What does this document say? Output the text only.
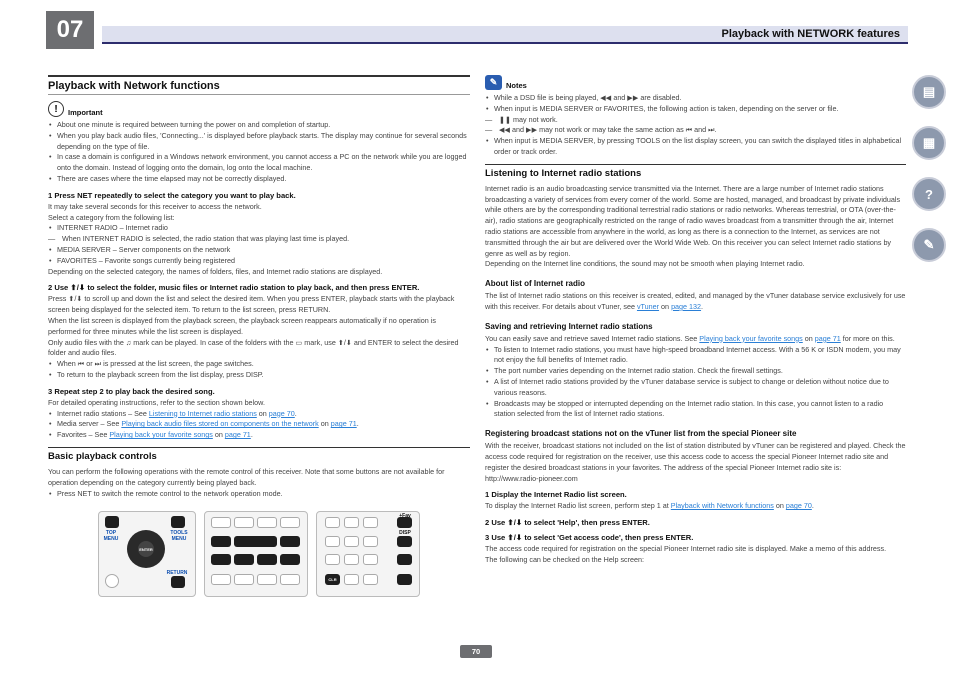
07	Playback with NETWORK features
▤
▦
?
✎
Playback with Network functions
!	Important
• About one minute is required between turning the power on and completion of startup.
• When you play back audio files, 'Connecting...' is displayed before playback starts. The display may continue for several seconds depending on the type of file.
• In case a domain is configured in a Windows network environment, you cannot access a PC on the network while you are logged onto the domain. Instead of logging onto the domain, log onto the local machine.
• There are cases where the time elapsed may not be correctly displayed.
1 Press NET repeatedly to select the category you want to play back.

It may take several seconds for this receiver to access the network.

Select a category from the following list:

• INTERNET RADIO – Internet radio
— When INTERNET RADIO is selected, the radio station that was playing last time is played.
• MEDIA SERVER – Server components on the network
• FAVORITES – Favorite songs currently being registered

Depending on the selected category, the names of folders, files, and Internet radio stations are displayed.

2 Use ⬆/⬇ to select the folder, music files or Internet radio station to play back, and then press ENTER.

Press ⬆/⬇ to scroll up and down the list and select the desired item. When you press ENTER, playback starts with the playback screen being displayed for the selected item. To return to the list screen, press RETURN.

When the list screen is displayed from the playback screen, the playback screen reappears automatically if no operation is performed for three minutes while the list screen is displayed.

Only audio files with the ♫ mark can be played. In case of the folders with the ▭ mark, use ⬆/⬇ and ENTER to select the desired folder and audio files.

• When ⏮ or ⏭ is pressed at the list screen, the page switches.
• To return to the playback screen from the list display, press DISP.
3 Repeat step 2 to play back the desired song.

For detailed operating instructions, refer to the section shown below.

• Internet radio stations – See Listening to Internet radio stations on page 70.
• Media server – See Playing back audio files stored on components on the network on page 71.
• Favorites – See Playing back your favorite songs on page 71.
Basic playback controls

You can perform the following operations with the remote control of this receiver. Note that some buttons are not available for operation depending on the category currently being played back.

• Press NET to switch the remote control to the network operation mode.
TOP MENU
TOOLS MENU
ENTER
RETURN
+Fav
DISP
CLR
✎	Notes
• While a DSD file is being played, ◀◀ and ▶▶ are disabled.
• When input is MEDIA SERVER or FAVORITES, the following action is taken, depending on the server or file.
— ❚❚ may not work.
— ◀◀ and ▶▶ may not work or may take the same action as ⏮ and ⏭.
• When input is MEDIA SERVER, by pressing TOOLS on the list display screen, you can switch the displayed titles in alphabetical order or track order.
Listening to Internet radio stations

Internet radio is an audio broadcasting service transmitted via the Internet. There are a large number of Internet radio stations broadcasting a variety of services from every corner of the world. Some are hosted, managed, and broadcast by private individuals while others are by the corresponding traditional terrestrial radio stations or radio networks. Whereas terrestrial, or OTA (over-the-air), radio stations are geographically restricted on the range of radio waves broadcast from a transmitter through the air, Internet radio stations are accessible from anywhere in the world, as long as there is a connection to the Internet, as services are not transmitted through the air but are delivered over the World Wide Web. On this receiver you can select Internet radio stations by genre as well as by region.

Depending on the Internet line conditions, the sound may not be smooth when playing Internet radio.

About list of Internet radio

The list of Internet radio stations on this receiver is created, edited, and managed by the vTuner database service exclusively for use with this receiver. For details about vTuner, see vTuner on page 132.

Saving and retrieving Internet radio stations

You can easily save and retrieve saved Internet radio stations. See Playing back your favorite songs on page 71 for more on this.

• To listen to Internet radio stations, you must have high-speed broadband Internet access. With a 56 K or ISDN modem, you may not enjoy the full benefits of Internet radio.
• The port number varies depending on the Internet radio station. Check the firewall settings.
• A list of Internet radio stations provided by the vTuner database service is subject to change or deletion without notice due to various reasons.
• Broadcasts may be stopped or interrupted depending on the Internet radio station. In this case, you cannot listen to a radio station selected from the list of Internet radio stations.
Registering broadcast stations not on the vTuner list from the special Pioneer site

With the receiver, broadcast stations not included on the list of station distributed by vTuner can be registered and played. Check the access code required for registration on the receiver, use this access code to access the special Pioneer Internet radio site and register the desired broadcast stations in your favorites. The address of the special Pioneer Internet radio site is:

http://www.radio-pioneer.com

1 Display the Internet Radio list screen.

To display the Internet Radio list screen, perform step 1 at Playback with Network functions on page 70.

2 Use ⬆/⬇ to select 'Help', then press ENTER.
3 Use ⬆/⬇ to select 'Get access code', then press ENTER.

The access code required for registration on the special Pioneer Internet radio site is displayed. Make a memo of this address.

The following can be checked on the Help screen:

70
